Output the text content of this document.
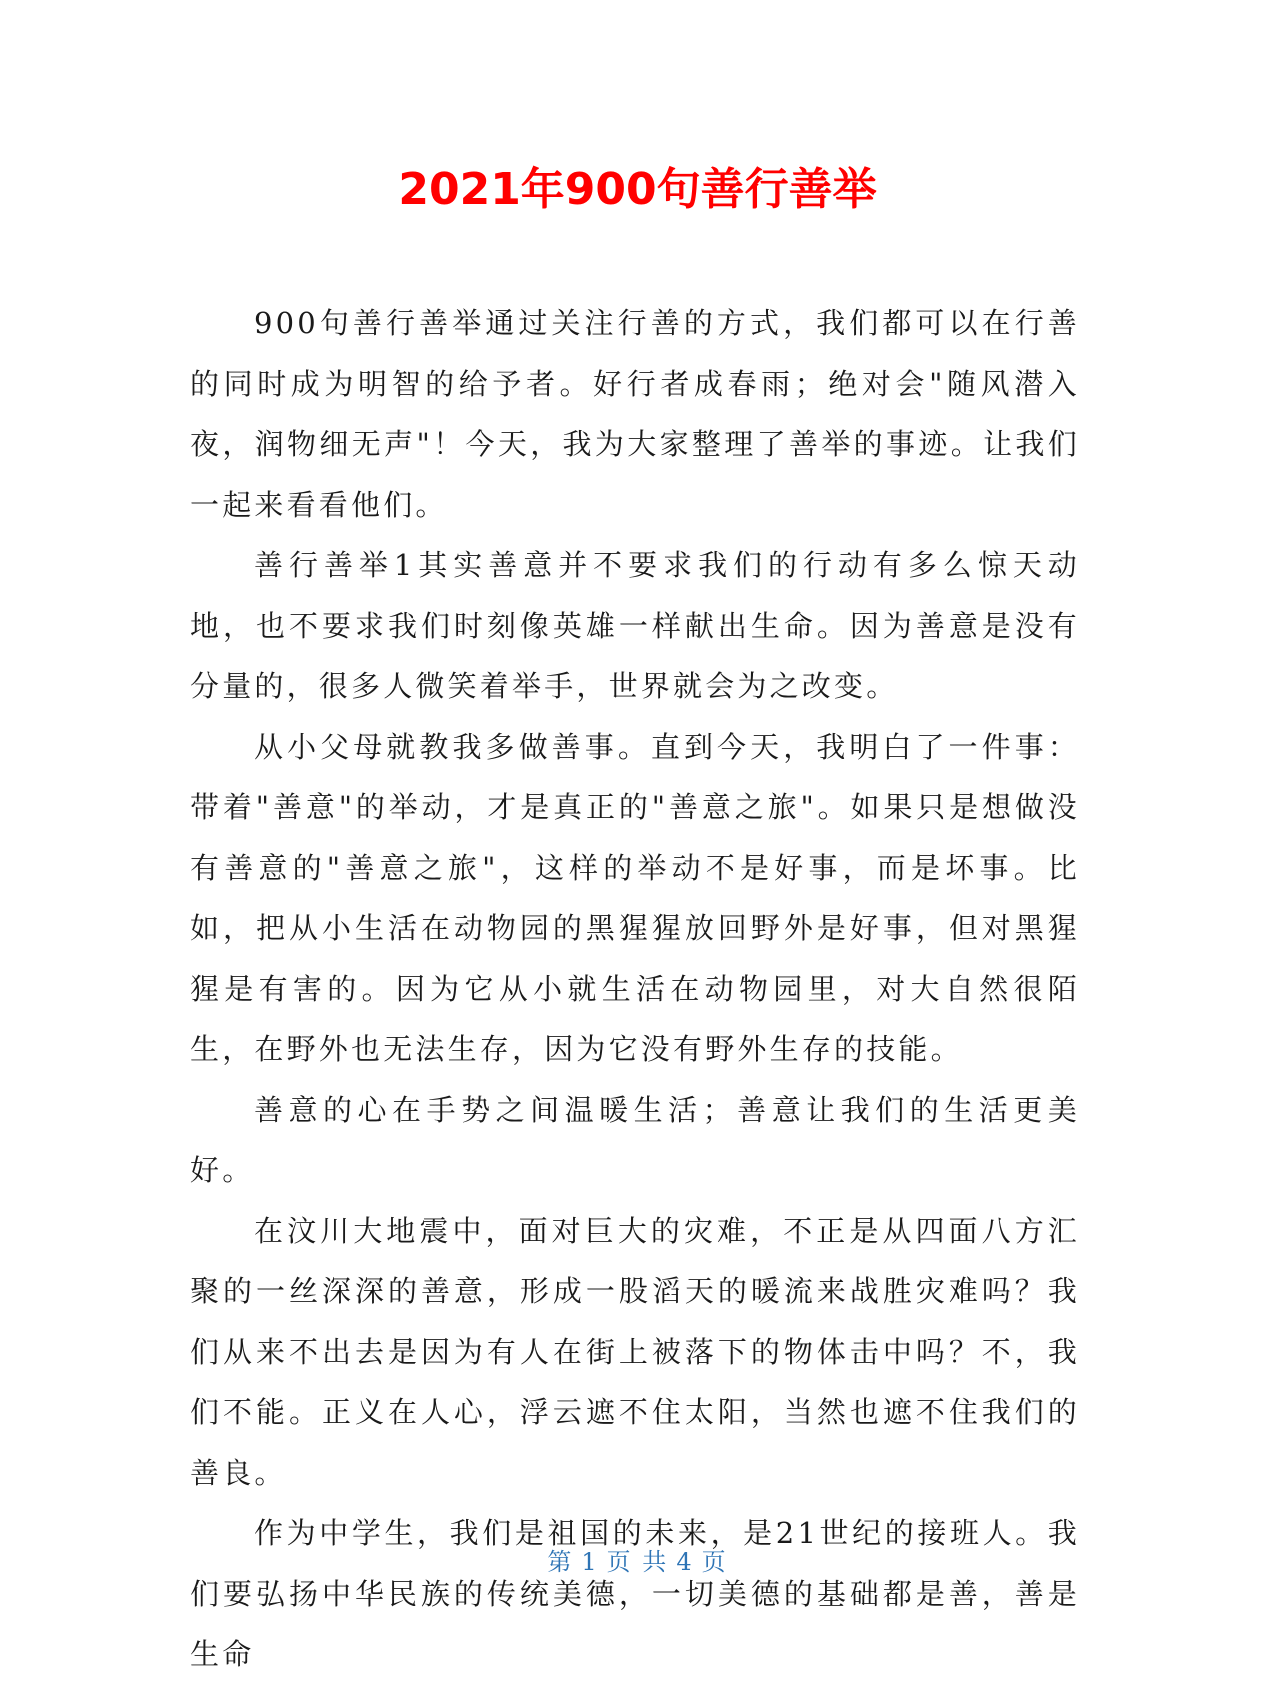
2021年900句善行善举

900句善行善举通过关注行善的方式，我们都可以在行善的同时成为明智的给予者。好行者成春雨；绝对会"随风潜入夜，润物细无声"！今天，我为大家整理了善举的事迹。让我们一起来看看他们。

善行善举1其实善意并不要求我们的行动有多么惊天动地，也不要求我们时刻像英雄一样献出生命。因为善意是没有分量的，很多人微笑着举手，世界就会为之改变。

从小父母就教我多做善事。直到今天，我明白了一件事：带着"善意"的举动，才是真正的"善意之旅"。如果只是想做没有善意的"善意之旅"，这样的举动不是好事，而是坏事。比如，把从小生活在动物园的黑猩猩放回野外是好事，但对黑猩猩是有害的。因为它从小就生活在动物园里，对大自然很陌生，在野外也无法生存，因为它没有野外生存的技能。

善意的心在手势之间温暖生活；善意让我们的生活更美好。

在汶川大地震中，面对巨大的灾难，不正是从四面八方汇聚的一丝深深的善意，形成一股滔天的暖流来战胜灾难吗？我们从来不出去是因为有人在街上被落下的物体击中吗？不，我们不能。正义在人心，浮云遮不住太阳，当然也遮不住我们的善良。

作为中学生，我们是祖国的未来，是21世纪的接班人。我们要弘扬中华民族的传统美德，一切美德的基础都是善，善是生命

第 1 页 共 4 页
